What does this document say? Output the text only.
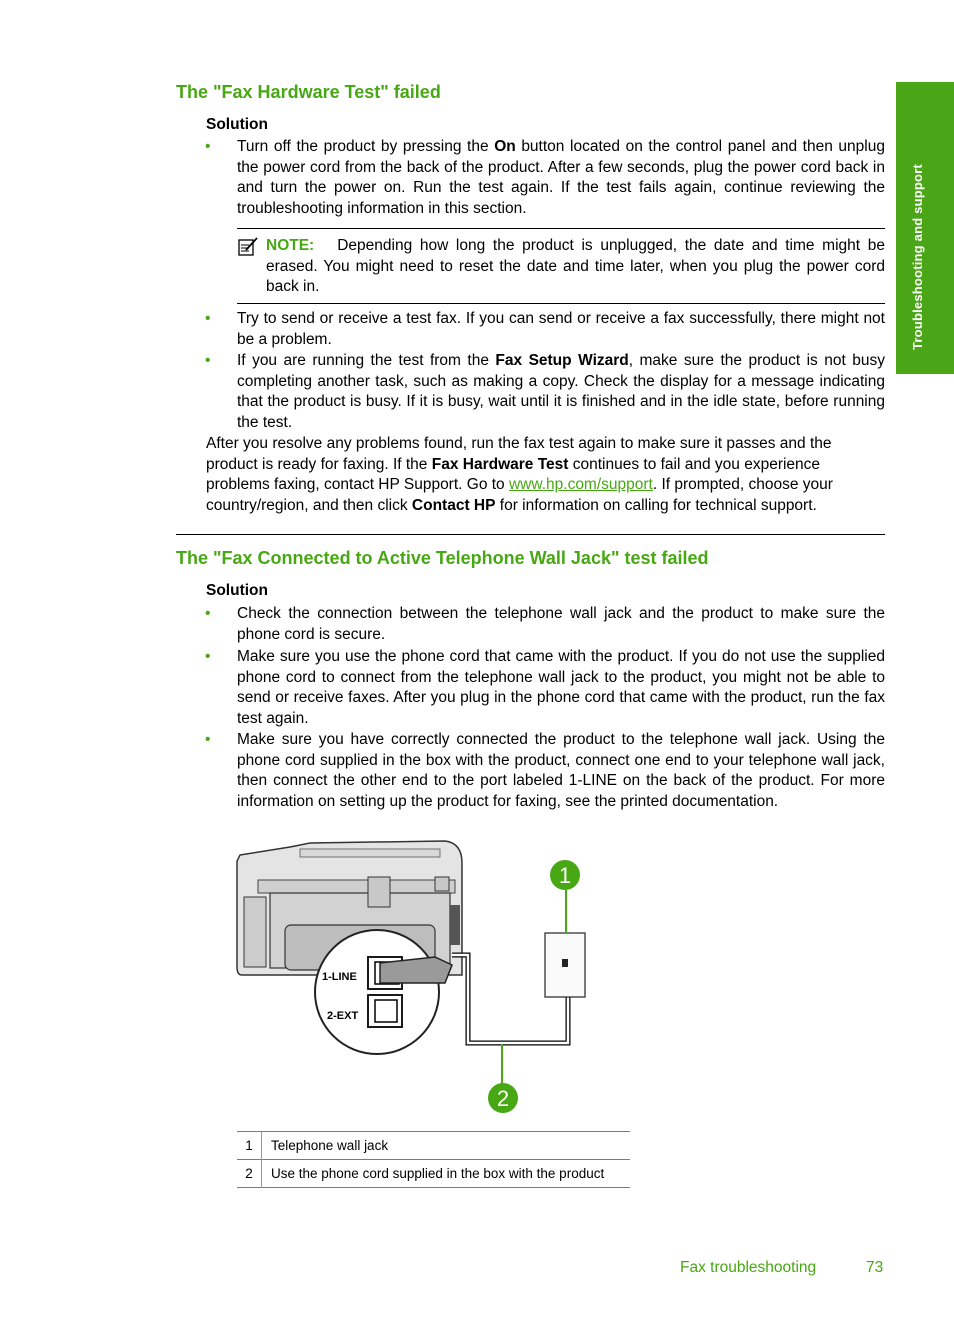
Troubleshooting and support
The "Fax Hardware Test" failed
Solution
• Turn off the product by pressing the On button located on the control panel and then unplug the power cord from the back of the product. After a few seconds, plug the power cord back in and turn the power on. Run the test again. If the test fails again, continue reviewing the troubleshooting information in this section.
NOTE: Depending how long the product is unplugged, the date and time might be erased. You might need to reset the date and time later, when you plug the power cord back in.
• Try to send or receive a test fax. If you can send or receive a fax successfully, there might not be a problem.
• If you are running the test from the Fax Setup Wizard, make sure the product is not busy completing another task, such as making a copy. Check the display for a message indicating that the product is busy. If it is busy, wait until it is finished and in the idle state, before running the test.
After you resolve any problems found, run the fax test again to make sure it passes and the product is ready for faxing. If the Fax Hardware Test continues to fail and you experience problems faxing, contact HP Support. Go to www.hp.com/support. If prompted, choose your country/region, and then click Contact HP for information on calling for technical support.
The "Fax Connected to Active Telephone Wall Jack" test failed
Solution
• Check the connection between the telephone wall jack and the product to make sure the phone cord is secure.
• Make sure you use the phone cord that came with the product. If you do not use the supplied phone cord to connect from the telephone wall jack to the product, you might not be able to send or receive faxes. After you plug in the phone cord that came with the product, run the fax test again.
• Make sure you have correctly connected the product to the telephone wall jack. Using the phone cord supplied in the box with the product, connect one end to your telephone wall jack, then connect the other end to the port labeled 1-LINE on the back of the product. For more information on setting up the product for faxing, see the printed documentation.
1-LINE
2-EXT
1
2
1	Telephone wall jack
2	Use the phone cord supplied in the box with the product
Fax troubleshooting	73
